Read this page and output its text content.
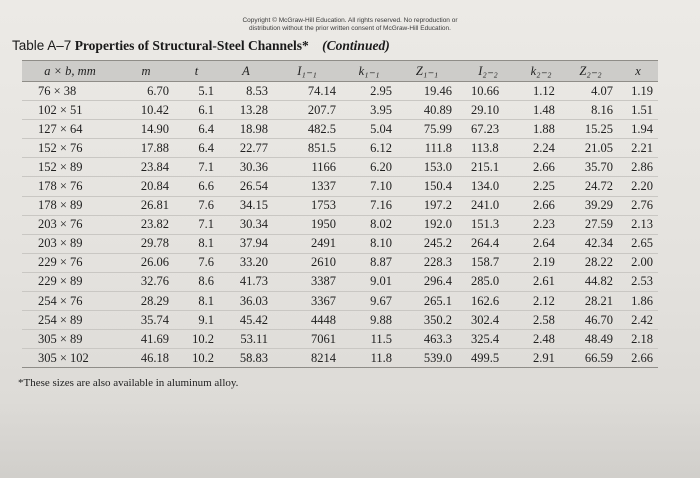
Copyright © McGraw-Hill Education. All rights reserved. No reproduction or
distribution without the prior written consent of McGraw-Hill Education.
Table A–7 Properties of Structural-Steel Channels* (Continued)
a × b, mm	m	t	A	I₁₋₁	k₁₋₁	Z₁₋₁	I₂₋₂	k₂₋₂	Z₂₋₂	x
76 × 38	6.70	5.1	8.53	74.14	2.95	19.46	10.66	1.12	4.07	1.19
102 × 51	10.42	6.1	13.28	207.7	3.95	40.89	29.10	1.48	8.16	1.51
127 × 64	14.90	6.4	18.98	482.5	5.04	75.99	67.23	1.88	15.25	1.94
152 × 76	17.88	6.4	22.77	851.5	6.12	111.8	113.8	2.24	21.05	2.21
152 × 89	23.84	7.1	30.36	1166	6.20	153.0	215.1	2.66	35.70	2.86
178 × 76	20.84	6.6	26.54	1337	7.10	150.4	134.0	2.25	24.72	2.20
178 × 89	26.81	7.6	34.15	1753	7.16	197.2	241.0	2.66	39.29	2.76
203 × 76	23.82	7.1	30.34	1950	8.02	192.0	151.3	2.23	27.59	2.13
203 × 89	29.78	8.1	37.94	2491	8.10	245.2	264.4	2.64	42.34	2.65
229 × 76	26.06	7.6	33.20	2610	8.87	228.3	158.7	2.19	28.22	2.00
229 × 89	32.76	8.6	41.73	3387	9.01	296.4	285.0	2.61	44.82	2.53
254 × 76	28.29	8.1	36.03	3367	9.67	265.1	162.6	2.12	28.21	1.86
254 × 89	35.74	9.1	45.42	4448	9.88	350.2	302.4	2.58	46.70	2.42
305 × 89	41.69	10.2	53.11	7061	11.5	463.3	325.4	2.48	48.49	2.18
305 × 102	46.18	10.2	58.83	8214	11.8	539.0	499.5	2.91	66.59	2.66
*These sizes are also available in aluminum alloy.
